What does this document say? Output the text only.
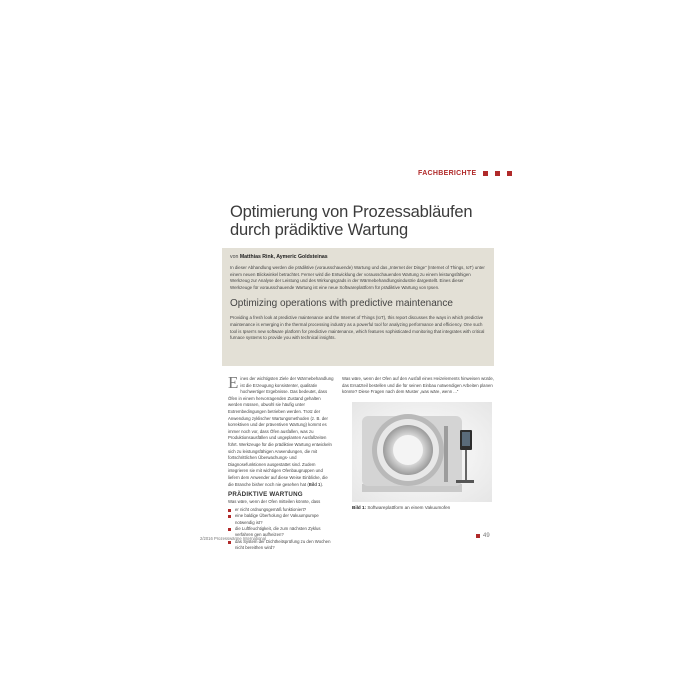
FACHBERICHTE
Optimierung von Prozessabläufen durch prädiktive Wartung
von Matthias Rink, Aymeric Goldsteinas

In dieser Abhandlung werden die prädiktive (vorausschauende) Wartung und das „Internet der Dinge“ (Internet of Things, IoT) unter einem neuen Blickwinkel betrachtet. Ferner wird die Entwicklung der vorausschauenden Wartung zu einem leistungsfähigen Werkzeug zur Analyse der Leistung und des Wirkungsgrads in der Wärmebehandlungsindustrie dargestellt. Eines dieser Werkzeuge für vorausschauende Wartung ist eine neue Softwareplattform für prädiktive Wartung von Ipsen.

Optimizing operations with predictive maintenance

Providing a fresh look at predictive maintenance and the Internet of Things (IoT), this report discusses the ways in which predictive maintenance is emerging in the thermal processing industry as a powerful tool for analyzing performance and efficiency. One such tool is Ipsen's new software platform for predictive maintenance, which features sophisticated monitoring that integrates with critical furnace systems to provide you with technical insights.

Eines der wichtigsten Ziele der Wärmebehandlung ist die Erzeugung konsistenter, qualitativ hochwertiger Ergebnisse. Das bedeutet, dass Öfen in einem hervorragenden Zustand gehalten werden müssen, obwohl sie häufig unter Extrembedingungen betrieben werden. Trotz der Anwendung zyklischer Wartungsmethoden (z. B. der korrektiven und der präventiven Wartung) kommt es immer noch vor, dass Öfen ausfallen, was zu Produktionsausfällen und ungeplanten Ausfallzeiten führt. Werkzeuge für die prädiktive Wartung entwickeln sich zu leistungsfähigen Anwendungen, die mit fortschrittlichen Überwachungs- und Diagnosefunktionen ausgestattet sind. Zudem integrieren sie mit wichtigen Ofenbaugruppen und liefern dem Anwender auf diese Weise Einblicke, die die Branche bisher noch nie gesehen hat (Bild 1).

PRÄDIKTIVE WARTUNG

Was wäre, wenn der Ofen mitteilen könnte, dass

er nicht ordnungsgemäß funktioniert?
eine baldige Überholung der Vakuumpumpe notwendig ist?
die Luftfeuchtigkeit, die zum nächsten Zyklus verfahren gen aufheizen?
das System der Dichtheitsprüfung zu den Wochen nicht bereithen wird?

Was wäre, wenn der Ofen auf den Ausfall eines Heizelements hinweisen würde, das Ersatzteil bestellen und die für seinen Einbau notwendigen Arbeiten planen könnte? Diese Fragen nach dem Muster „was wäre, wenn ...“

Bild 1: Softwareplattform an einem Vakuumofen
2/2016 Prozesswärme International	49
